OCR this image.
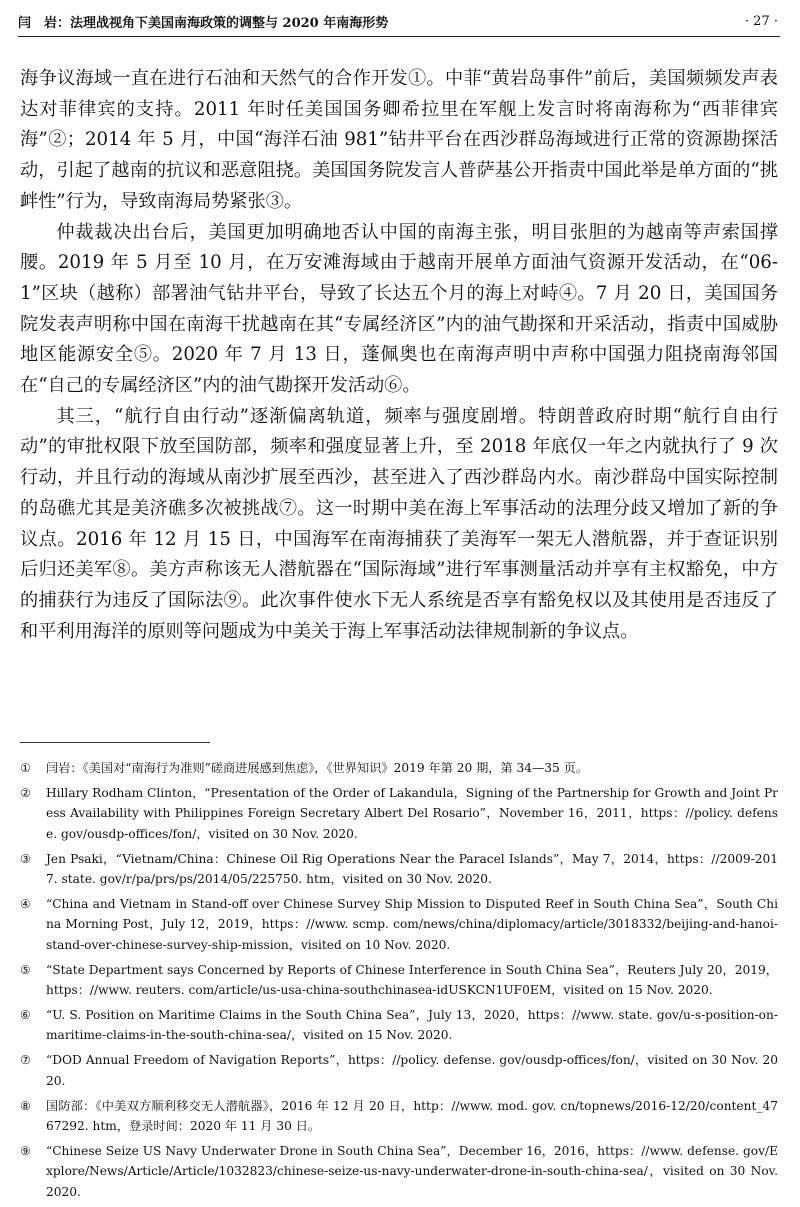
闫　岩：法理战视角下美国南海政策的调整与 2020 年南海形势	· 27 ·

海争议海域一直在进行石油和天然气的合作开发①。中菲“黄岩岛事件”前后，美国频频发声表达对菲律宾的支持。2011 年时任美国国务卿希拉里在军舰上发言时将南海称为“西菲律宾海”②；2014 年 5 月，中国“海洋石油 981”钻井平台在西沙群岛海域进行正常的资源勘探活动，引起了越南的抗议和恶意阻挠。美国国务院发言人普萨基公开指责中国此举是单方面的“挑衅性”行为，导致南海局势紧张③。

仲裁裁决出台后，美国更加明确地否认中国的南海主张，明目张胆的为越南等声索国撑腰。2019 年 5 月至 10 月，在万安滩海域由于越南开展单方面油气资源开发活动，在“06-1”区块（越称）部署油气钻井平台，导致了长达五个月的海上对峙④。7 月 20 日，美国国务院发表声明称中国在南海干扰越南在其“专属经济区”内的油气勘探和开采活动，指责中国威胁地区能源安全⑤。2020 年 7 月 13 日，蓬佩奥也在南海声明中声称中国强力阻挠南海邻国在“自己的专属经济区”内的油气勘探开发活动⑥。

其三，“航行自由行动”逐渐偏离轨道，频率与强度剧增。特朗普政府时期“航行自由行动”的审批权限下放至国防部，频率和强度显著上升，至 2018 年底仅一年之内就执行了 9 次行动，并且行动的海域从南沙扩展至西沙，甚至进入了西沙群岛内水。南沙群岛中国实际控制的岛礁尤其是美济礁多次被挑战⑦。这一时期中美在海上军事活动的法理分歧又增加了新的争议点。2016 年 12 月 15 日，中国海军在南海捕获了美海军一架无人潜航器，并于查证识别后归还美军⑧。美方声称该无人潜航器在“国际海域”进行军事测量活动并享有主权豁免，中方的捕获行为违反了国际法⑨。此次事件使水下无人系统是否享有豁免权以及其使用是否违反了和平利用海洋的原则等问题成为中美关于海上军事活动法律规制新的争议点。

①	闫岩：《美国对“南海行为准则”磋商进展感到焦虑》，《世界知识》2019 年第 20 期，第 34—35 页。
②	Hillary Rodham Clinton，“Presentation of the Order of Lakandula，Signing of the Partnership for Growth and Joint Press Availability with Philippines Foreign Secretary Albert Del Rosario”，November 16，2011，https：//policy. defense. gov/ousdp-offices/fon/，visited on 30 Nov. 2020.
③	Jen Psaki，“Vietnam/China：Chinese Oil Rig Operations Near the Paracel Islands”，May 7，2014，https：//2009-2017. state. gov/r/pa/prs/ps/2014/05/225750. htm，visited on 30 Nov. 2020.
④	“China and Vietnam in Stand-off over Chinese Survey Ship Mission to Disputed Reef in South China Sea”，South China Morning Post，July 12，2019，https：//www. scmp. com/news/china/diplomacy/article/3018332/beijing-and-hanoi-stand-over-chinese-survey-ship-mission，visited on 10 Nov. 2020.
⑤	“State Department says Concerned by Reports of Chinese Interference in South China Sea”，Reuters July 20，2019，https：//www. reuters. com/article/us-usa-china-southchinasea-idUSKCN1UF0EM，visited on 15 Nov. 2020.
⑥	“U. S. Position on Maritime Claims in the South China Sea”，July 13，2020，https：//www. state. gov/u-s-position-on-maritime-claims-in-the-south-china-sea/，visited on 15 Nov. 2020.
⑦	“DOD Annual Freedom of Navigation Reports”，https：//policy. defense. gov/ousdp-offices/fon/，visited on 30 Nov. 2020.
⑧	国防部：《中美双方顺利移交无人潜航器》，2016 年 12 月 20 日，http：//www. mod. gov. cn/topnews/2016-12/20/content_4767292. htm，登录时间：2020 年 11 月 30 日。
⑨	“Chinese Seize US Navy Underwater Drone in South China Sea”，December 16，2016，https：//www. defense. gov/Explore/News/Article/Article/1032823/chinese-seize-us-navy-underwater-drone-in-south-china-sea/，visited on 30 Nov. 2020.
